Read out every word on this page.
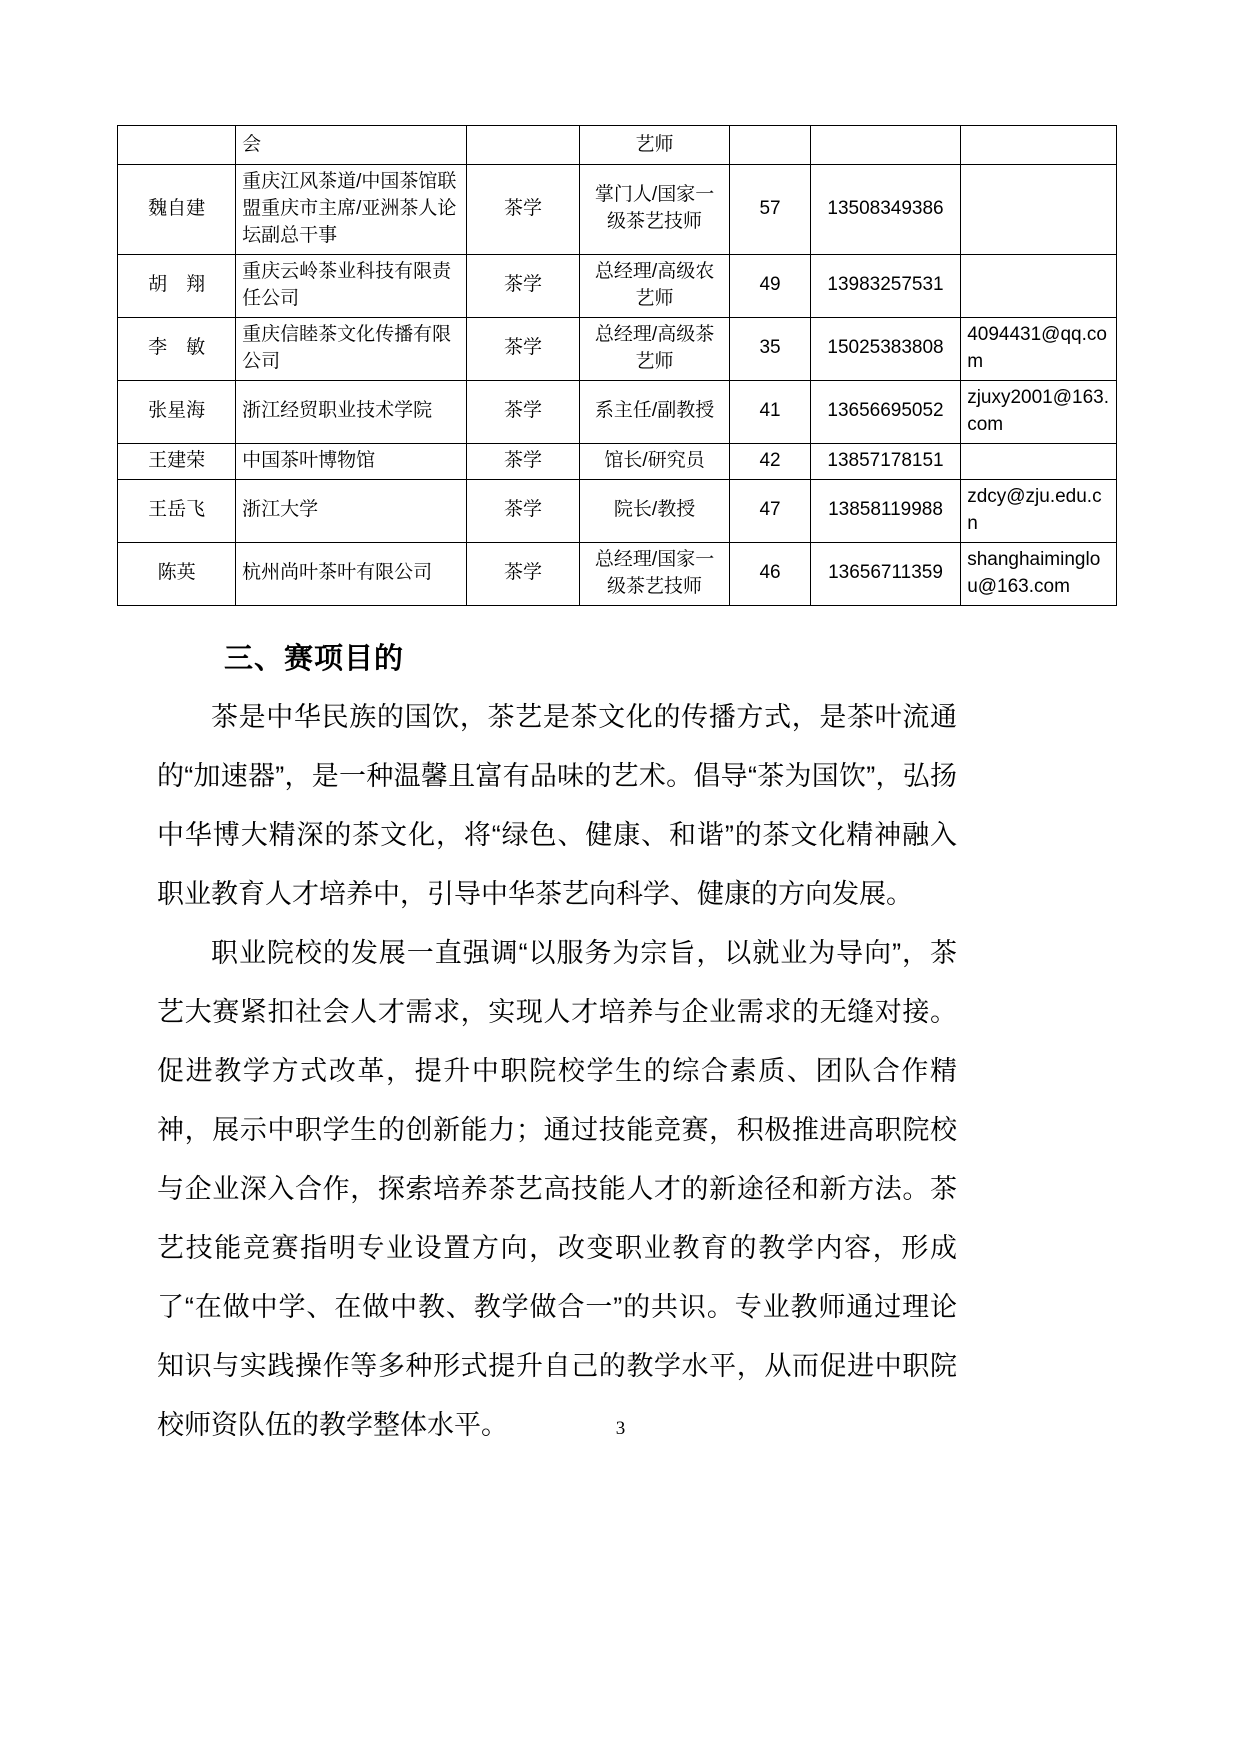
	会		艺师			
魏自建	重庆江风茶道/中国茶馆联盟重庆市主席/亚洲茶人论坛副总干事	茶学	掌门人/国家一级茶艺技师	57	13508349386	
胡　翔	重庆云岭茶业科技有限责任公司	茶学	总经理/高级农艺师	49	13983257531	
李　敏	重庆信睦茶文化传播有限公司	茶学	总经理/高级茶艺师	35	15025383808	4094431@qq.com
张星海	浙江经贸职业技术学院	茶学	系主任/副教授	41	13656695052	zjuxy2001@163.com
王建荣	中国茶叶博物馆	茶学	馆长/研究员	42	13857178151	
王岳飞	浙江大学	茶学	院长/教授	47	13858119988	zdcy@zju.edu.cn
陈英	杭州尚叶茶叶有限公司	茶学	总经理/国家一级茶艺技师	46	13656711359	shanghaiminglou@163.com
三、赛项目的

茶是中华民族的国饮，茶艺是茶文化的传播方式，是茶叶流通的“加速器”，是一种温馨且富有品味的艺术。倡导“茶为国饮”，弘扬中华博大精深的茶文化，将“绿色、健康、和谐”的茶文化精神融入职业教育人才培养中，引导中华茶艺向科学、健康的方向发展。

职业院校的发展一直强调“以服务为宗旨，以就业为导向”，茶艺大赛紧扣社会人才需求，实现人才培养与企业需求的无缝对接。促进教学方式改革，提升中职院校学生的综合素质、团队合作精神，展示中职学生的创新能力；通过技能竞赛，积极推进高职院校与企业深入合作，探索培养茶艺高技能人才的新途径和新方法。茶艺技能竞赛指明专业设置方向，改变职业教育的教学内容，形成了“在做中学、在做中教、教学做合一”的共识。专业教师通过理论知识与实践操作等多种形式提升自己的教学水平，从而促进中职院校师资队伍的教学整体水平。	3
